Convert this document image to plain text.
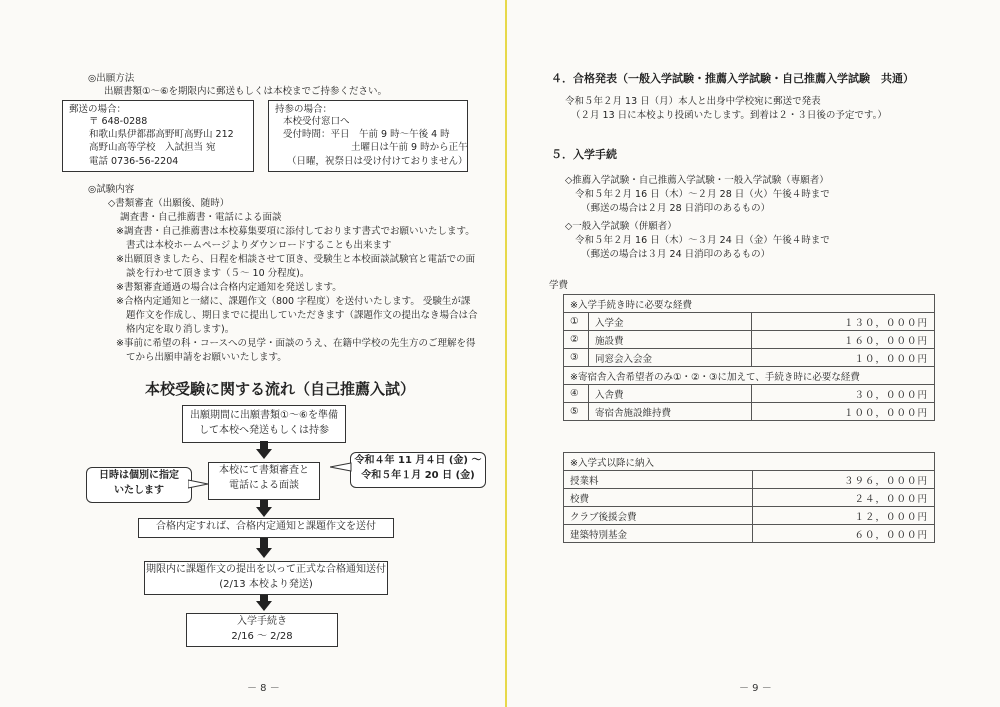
◎出願方法
出願書類①〜⑥を期限内に郵送もしくは本校までご持参ください。
郵送の場合：
〒 648-0288
和歌山県伊都郡高野町高野山 212
高野山高等学校　入試担当 宛
電話 0736-56-2204
持参の場合：
本校受付窓口へ
受付時間：平日　午前 9 時〜午後 4 時
土曜日は午前 9 時から正午
（日曜，祝祭日は受け付けておりません）
◎試験内容
◇書類審査（出願後、随時）
調査書・自己推薦書・電話による面談
※調査書・自己推薦書は本校募集要項に添付しております書式でお願いいたします。
書式は本校ホームページよりダウンロードすることも出来ます
※出願頂きましたら、日程を相談させて頂き、受験生と本校面談試験官と電話での面
談を行わせて頂きます（５〜 10 分程度)。
※書類審査通過の場合は合格内定通知を発送します。
※合格内定通知と一緒に、課題作文（800 字程度）を送付いたします。 受験生が課
題作文を作成し、期日までに提出していただきます（課題作文の提出なき場合は合
格内定を取り消します)。
※事前に希望の科・コースへの見学・面談のうえ、在籍中学校の先生方のご理解を得
てから出願申請をお願いいたします。
本校受験に関する流れ（自己推薦入試）
出願期間に出願書類①〜⑥を準備
して本校へ発送もしくは持参
本校にて書類審査と
電話による面談
日時は個別に指定
いたします
令和４年 11 月４日 (金) 〜
令和５年１月 20 日 (金)
合格内定すれば、合格内定通知と課題作文を送付
期限内に課題作文の提出を以って正式な合格通知送付
(2/13 本校より発送)
入学手続き
2/16 〜 2/28
－ 8 －
４．合格発表（一般入学試験・推薦入学試験・自己推薦入学試験　共通）
令和５年２月 13 日（月）本人と出身中学校宛に郵送で発表
（２月 13 日に本校より投函いたします。到着は２・３日後の予定です。）
５．入学手続
◇推薦入学試験・自己推薦入学試験・一般入学試験（専願者）
令和５年２月 16 日（木）〜２月 28 日（火）午後４時まで
（郵送の場合は２月 28 日消印のあるもの）
◇一般入学試験（併願者）
令和５年２月 16 日（木）〜３月 24 日（金）午後４時まで
（郵送の場合は３月 24 日消印のあるもの）
学費
※入学手続き時に必要な経費		
①	入学金	１３０，０００円
②	施設費	１６０，０００円
③	同窓会入会金	１０，０００円
※寄宿舎入舎希望者のみ①・②・③に加えて、手続き時に必要な経費		
④	入舎費	３０，０００円
⑤	寄宿舎施設維持費	１００，０００円
※入学式以降に納入	
授業料	３９６，０００円
校費	２４，０００円
クラブ後援会費	１２，０００円
建築特別基金	６０，０００円
－ 9 －
